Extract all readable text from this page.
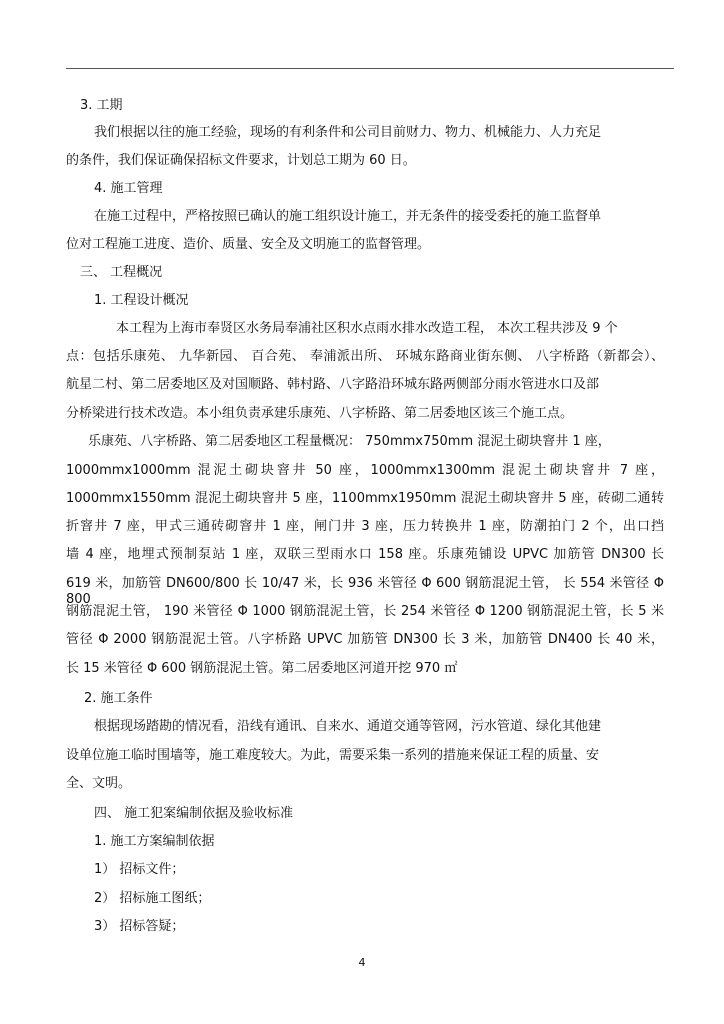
3. 工期
我们根据以往的施工经验，现场的有利条件和公司目前财力、物力、机械能力、人力充足
的条件，我们保证确保招标文件要求，计划总工期为 60 日。
4. 施工管理
在施工过程中，严格按照已确认的施工组织设计施工，并无条件的接受委托的施工监督单
位对工程施工进度、造价、质量、安全及文明施工的监督管理。
三、 工程概况
1. 工程设计概况
本工程为上海市奉贤区水务局奉浦社区积水点雨水排水改造工程， 本次工程共涉及 9 个
点：包括乐康苑、 九华新园、 百合苑、 奉浦派出所、 环城东路商业街东侧、 八字桥路（新都会）、
航星二村、第二居委地区及对国顺路、韩村路、八字路沿环城东路两侧部分雨水管进水口及部
分桥梁进行技术改造。本小组负责承建乐康苑、八字桥路、第二居委地区该三个施工点。
乐康苑、八字桥路、第二居委地区工程量概况： 750mmx750mm 混泥土砌块窨井 1 座，
1000mmx1000mm 混泥土砌块窨井 50 座，1000mmx1300mm 混泥土砌块窨井 7 座，
1000mmx1550mm 混泥土砌块窨井 5 座，1100mmx1950mm 混泥土砌块窨井 5 座，砖砌二通转
折窨井 7 座，甲式三通砖砌窨井 1 座，闸门井 3 座，压力转换井 1 座，防潮拍门 2 个，出口挡
墙 4 座，地埋式预制泵站 1 座，双联三型雨水口 158 座。乐康苑铺设 UPVC 加筋管 DN300 长
619 米，加筋管 DN600/800 长 10/47 米，长 936 米管径 Φ 600 钢筋混泥土管， 长 554 米管径 Φ 800
钢筋混泥土管， 190 米管径 Φ 1000 钢筋混泥土管，长 254 米管径 Φ 1200 钢筋混泥土管，长 5 米
管径 Φ 2000 钢筋混泥土管。八字桥路 UPVC 加筋管 DN300 长 3 米，加筋管 DN400 长 40 米，
长 15 米管径 Φ 600 钢筋混泥土管。第二居委地区河道开挖 970 ㎡
2. 施工条件
根据现场踏勘的情况看，沿线有通讯、自来水、通道交通等管网，污水管道、绿化其他建
设单位施工临时围墙等，施工难度较大。为此，需要采集一系列的措施来保证工程的质量、安
全、文明。
四、 施工犯案编制依据及验收标准
1. 施工方案编制依据
1） 招标文件；
2） 招标施工图纸；
3） 招标答疑；
4
